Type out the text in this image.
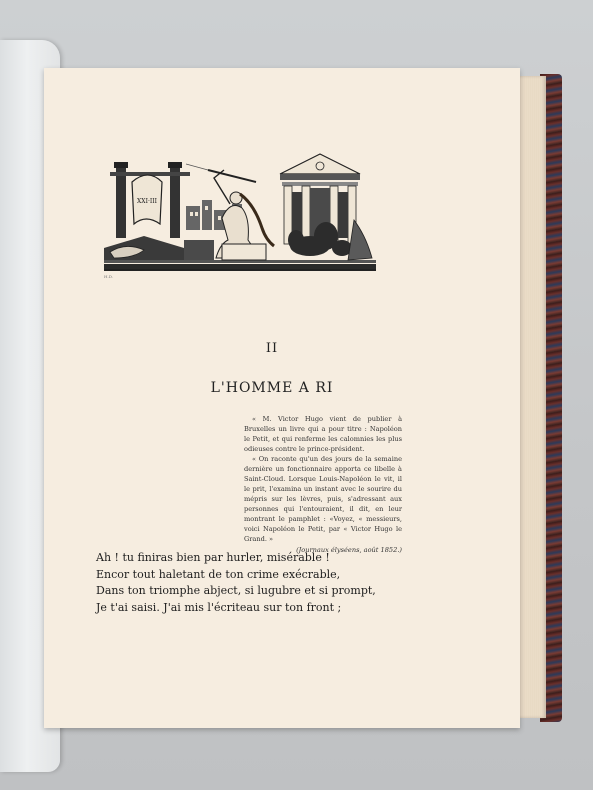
XXI·III
H.D.
II
L'HOMME A RI

« M. Victor Hugo vient de publier à Bruxelles un livre qui a pour titre : Napoléon le Petit, et qui renferme les calomnies les plus odieuses contre le prince-président.

« On raconte qu'un des jours de la semaine dernière un fonctionnaire apporta ce libelle à Saint-Cloud. Lorsque Louis-Napoléon le vit, il le prit, l'examina un instant avec le sourire du mépris sur les lèvres, puis, s'adressant aux personnes qui l'entouraient, il dit, en leur montrant le pamphlet : «Voyez, « messieurs, voici Napoléon le Petit, par « Victor Hugo le Grand. »

(Journaux élyséens, août 1852.)

Ah ! tu finiras bien par hurler, misérable !
Encor tout haletant de ton crime exécrable,
Dans ton triomphe abject, si lugubre et si prompt,
Je t'ai saisi. J'ai mis l'écriteau sur ton front ;
